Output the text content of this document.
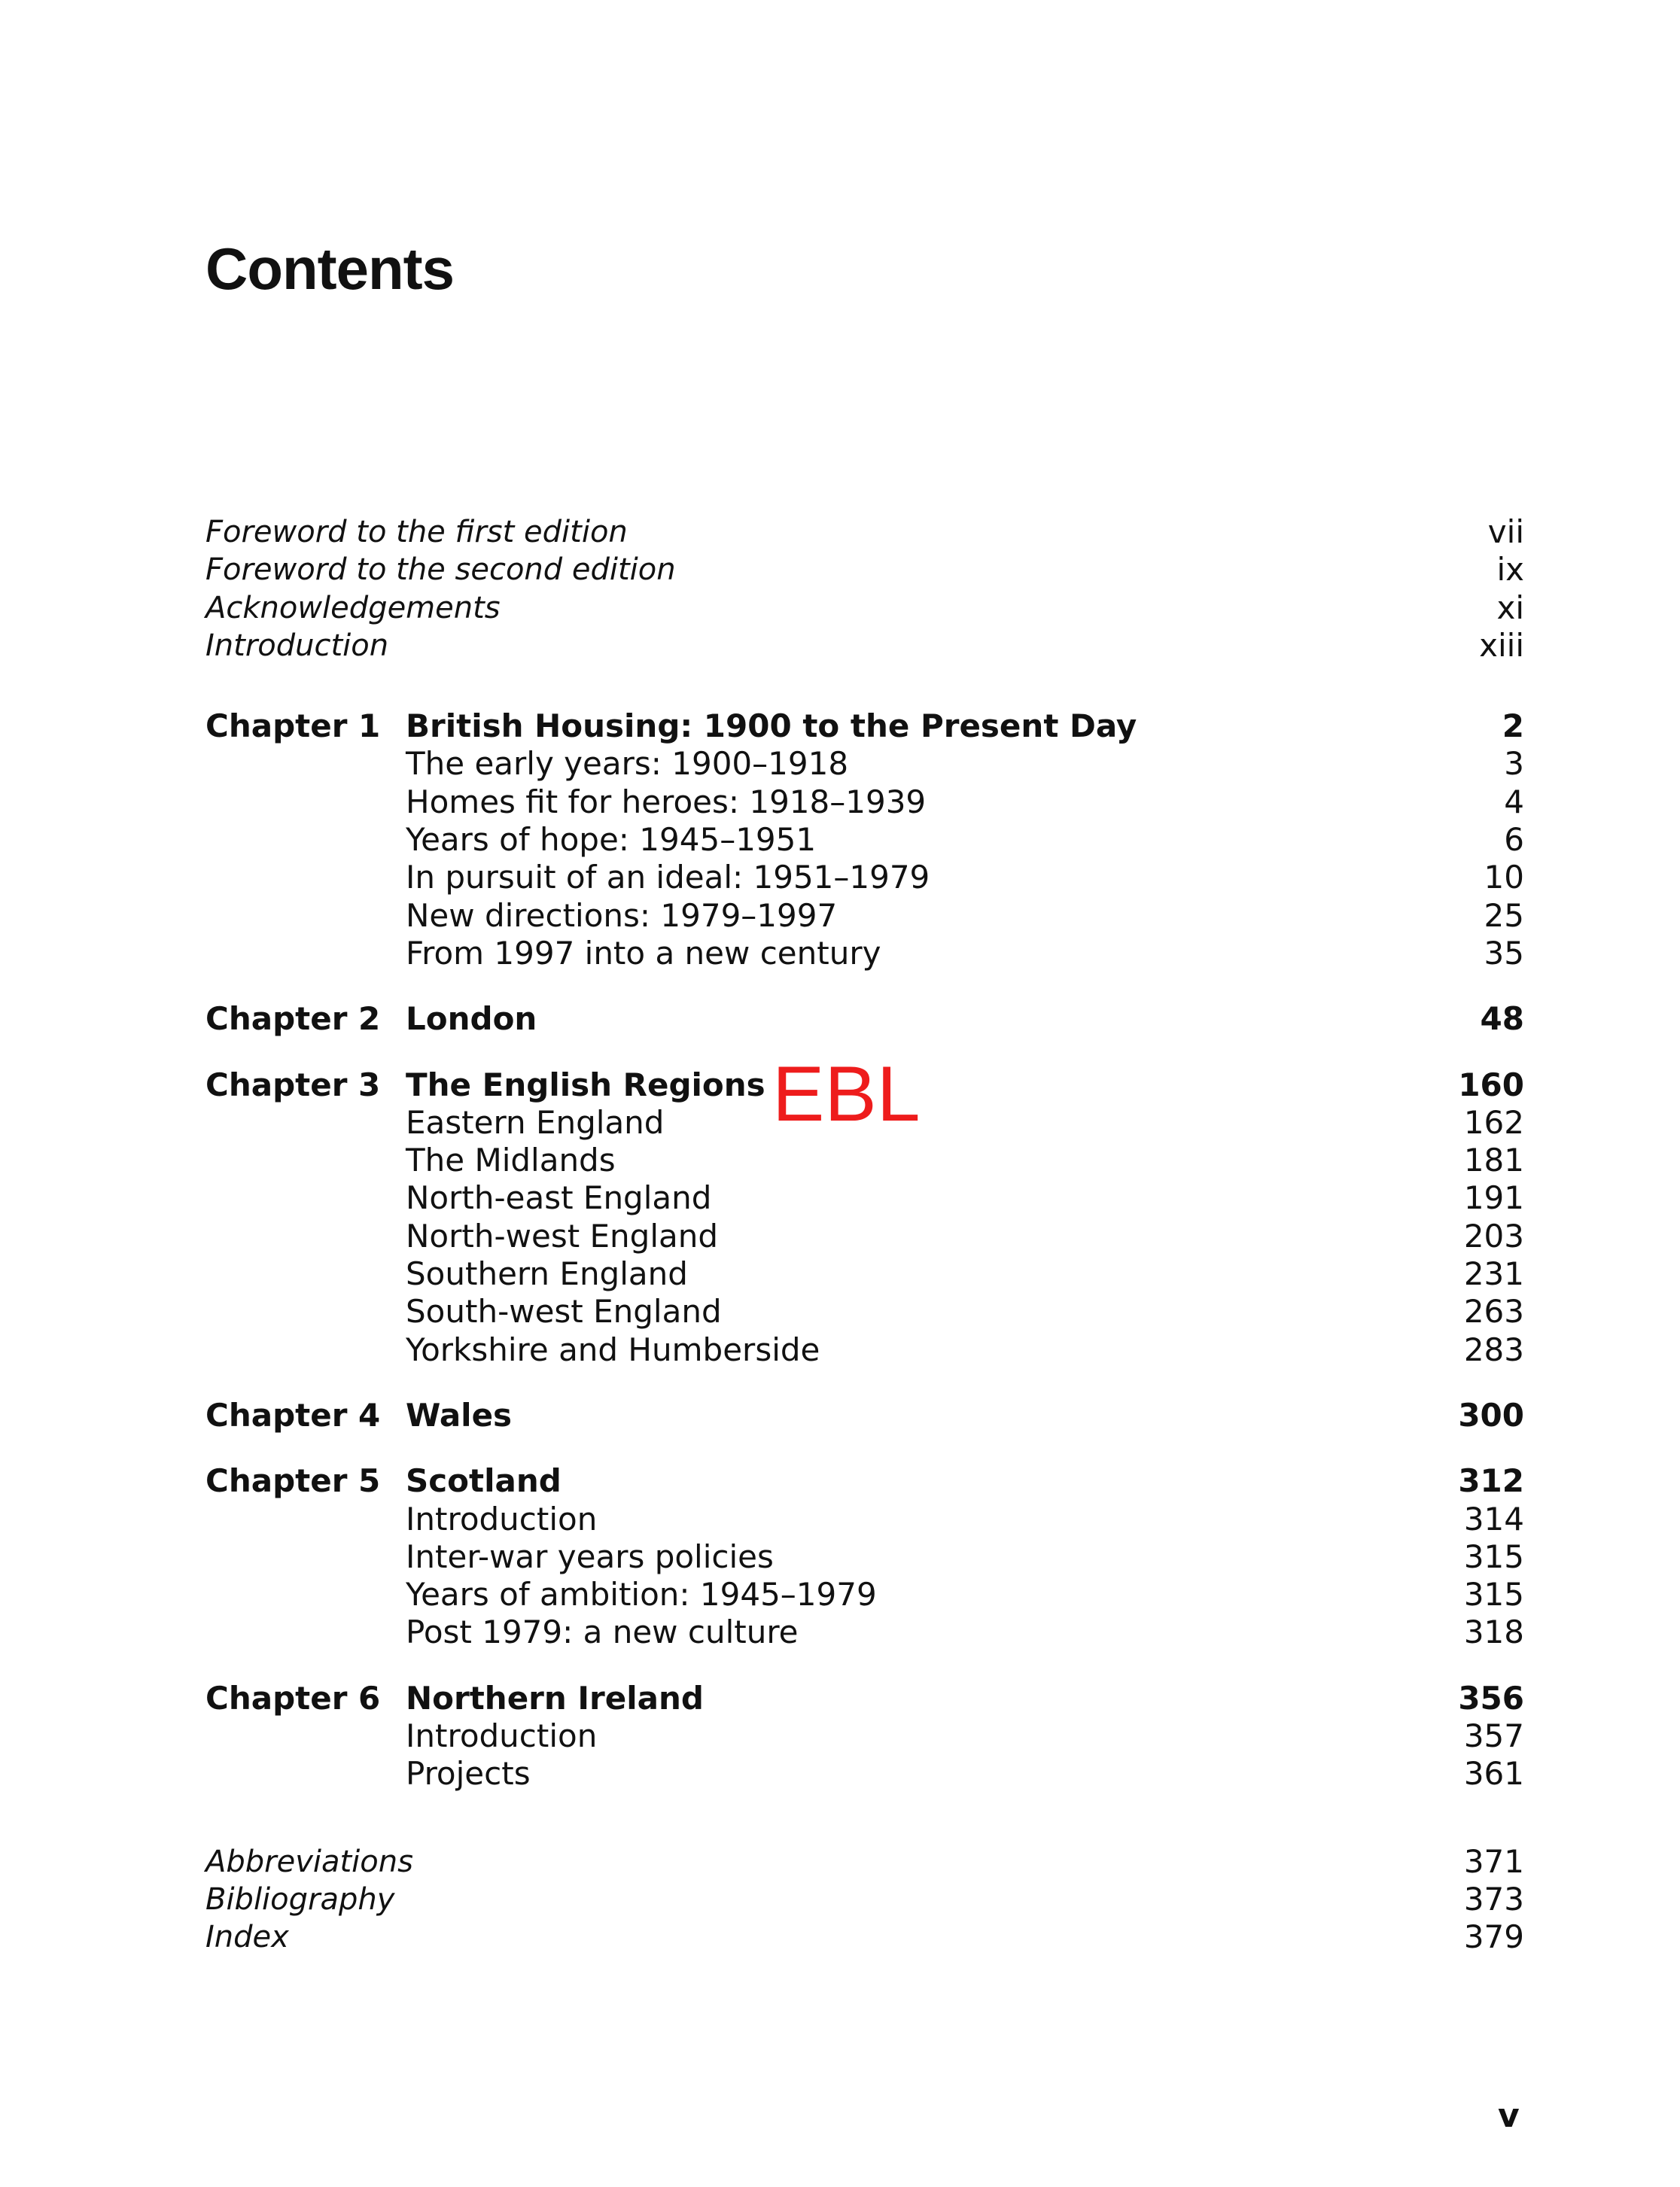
Contents
Foreword to the first edition	vii
Foreword to the second edition	ix
Acknowledgements	xi
Introduction	xiii
Chapter 1 British Housing: 1900 to the Present Day	2
The early years: 1900–1918	3
Homes fit for heroes: 1918–1939	4
Years of hope: 1945–1951	6
In pursuit of an ideal: 1951–1979	10
New directions: 1979–1997	25
From 1997 into a new century	35
Chapter 2 London	48
Chapter 3 The English Regions	160
Eastern England	162
The Midlands	181
North-east England	191
North-west England	203
Southern England	231
South-west England	263
Yorkshire and Humberside	283
Chapter 4 Wales	300
Chapter 5 Scotland	312
Introduction	314
Inter-war years policies	315
Years of ambition: 1945–1979	315
Post 1979: a new culture	318
Chapter 6 Northern Ireland	356
Introduction	357
Projects	361
Abbreviations	371
Bibliography	373
Index	379
EBL
v
